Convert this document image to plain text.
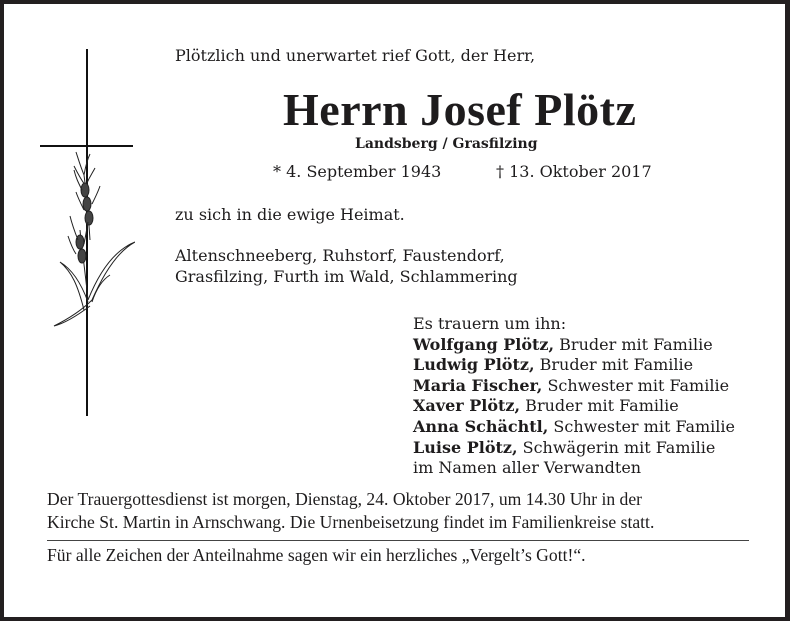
Plötzlich und unerwartet rief Gott, der Herr,
Herrn Josef Plötz
Landsberg / Grasfilzing
* 4. September 1943	† 13. Oktober 2017
zu sich in die ewige Heimat.
Altenschneeberg, Ruhstorf, Faustendorf,
Grasfilzing, Furth im Wald, Schlammering
Es trauern um ihn:
Wolfgang Plötz, Bruder mit Familie
Ludwig Plötz, Bruder mit Familie
Maria Fischer, Schwester mit Familie
Xaver Plötz, Bruder mit Familie
Anna Schächtl, Schwester mit Familie
Luise Plötz, Schwägerin mit Familie
im Namen aller Verwandten
Der Trauergottesdienst ist morgen, Dienstag, 24. Oktober 2017, um 14.30 Uhr in der
Kirche St. Martin in Arnschwang. Die Urnenbeisetzung findet im Familienkreise statt.
Für alle Zeichen der Anteilnahme sagen wir ein herzliches „Vergelt’s Gott!“.
